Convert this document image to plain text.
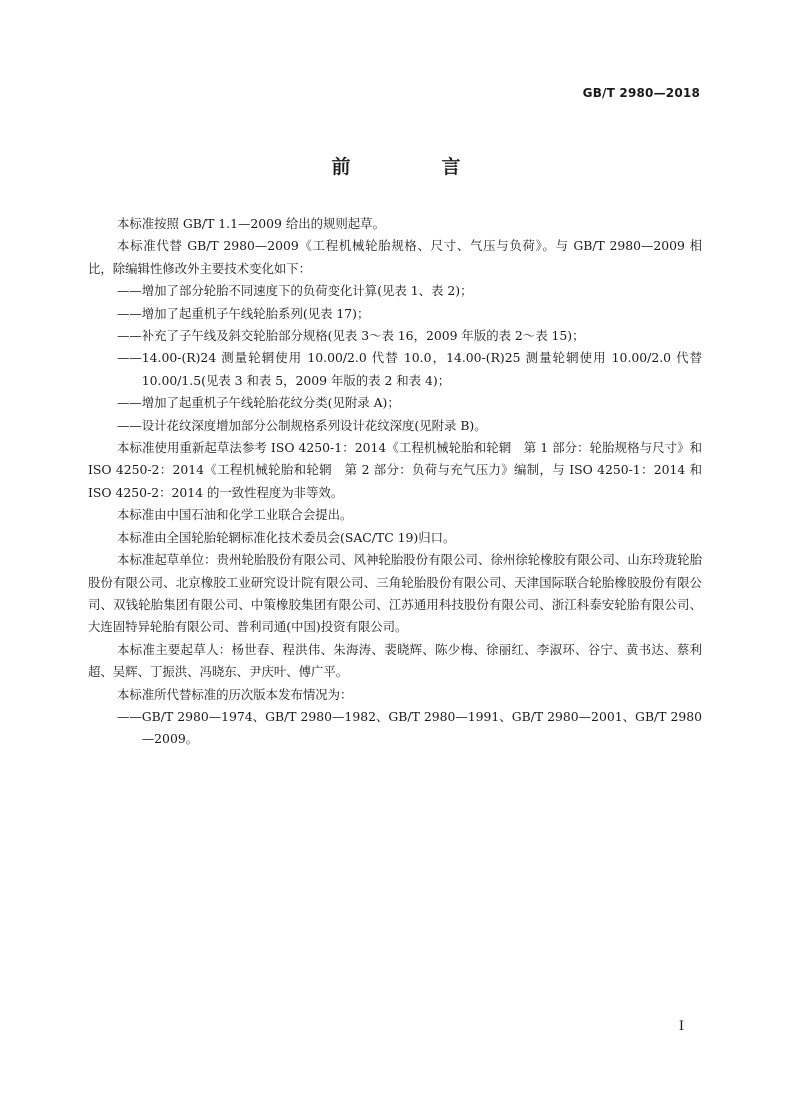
GB/T 2980—2018
前　言

本标准按照 GB/T 1.1—2009 给出的规则起草。

本标准代替 GB/T 2980—2009《工程机械轮胎规格、尺寸、气压与负荷》。与 GB/T 2980—2009 相比，除编辑性修改外主要技术变化如下：

—— 增加了部分轮胎不同速度下的负荷变化计算(见表 1、表 2)；
—— 增加了起重机子午线轮胎系列(见表 17)；
—— 补充了子午线及斜交轮胎部分规格(见表 3～表 16，2009 年版的表 2～表 15)；
—— 14.00-(R)24 测量轮辋使用 10.00/2.0 代替 10.0，14.00-(R)25 测量轮辋使用 10.00/2.0 代替 10.00/1.5(见表 3 和表 5，2009 年版的表 2 和表 4)；
—— 增加了起重机子午线轮胎花纹分类(见附录 A)；
—— 设计花纹深度增加部分公制规格系列设计花纹深度(见附录 B)。

本标准使用重新起草法参考 ISO 4250-1：2014《工程机械轮胎和轮辋　第 1 部分：轮胎规格与尺寸》和 ISO 4250-2：2014《工程机械轮胎和轮辋　第 2 部分：负荷与充气压力》编制，与 ISO 4250-1：2014 和 ISO 4250-2：2014 的一致性程度为非等效。

本标准由中国石油和化学工业联合会提出。

本标准由全国轮胎轮辋标准化技术委员会(SAC/TC 19)归口。

本标准起草单位：贵州轮胎股份有限公司、风神轮胎股份有限公司、徐州徐轮橡胶有限公司、山东玲珑轮胎股份有限公司、北京橡胶工业研究设计院有限公司、三角轮胎股份有限公司、天津国际联合轮胎橡胶股份有限公司、双钱轮胎集团有限公司、中策橡胶集团有限公司、江苏通用科技股份有限公司、浙江科泰安轮胎有限公司、大连固特异轮胎有限公司、普利司通(中国)投资有限公司。

本标准主要起草人：杨世春、程洪伟、朱海涛、裴晓辉、陈少梅、徐丽红、李淑环、谷宁、黄书达、蔡利超、吴辉、丁振洪、冯晓东、尹庆叶、傅广平。

本标准所代替标准的历次版本发布情况为：

—— GB/T 2980—1974、GB/T 2980—1982、GB/T 2980—1991、GB/T 2980—2001、GB/T 2980—2009。
I
